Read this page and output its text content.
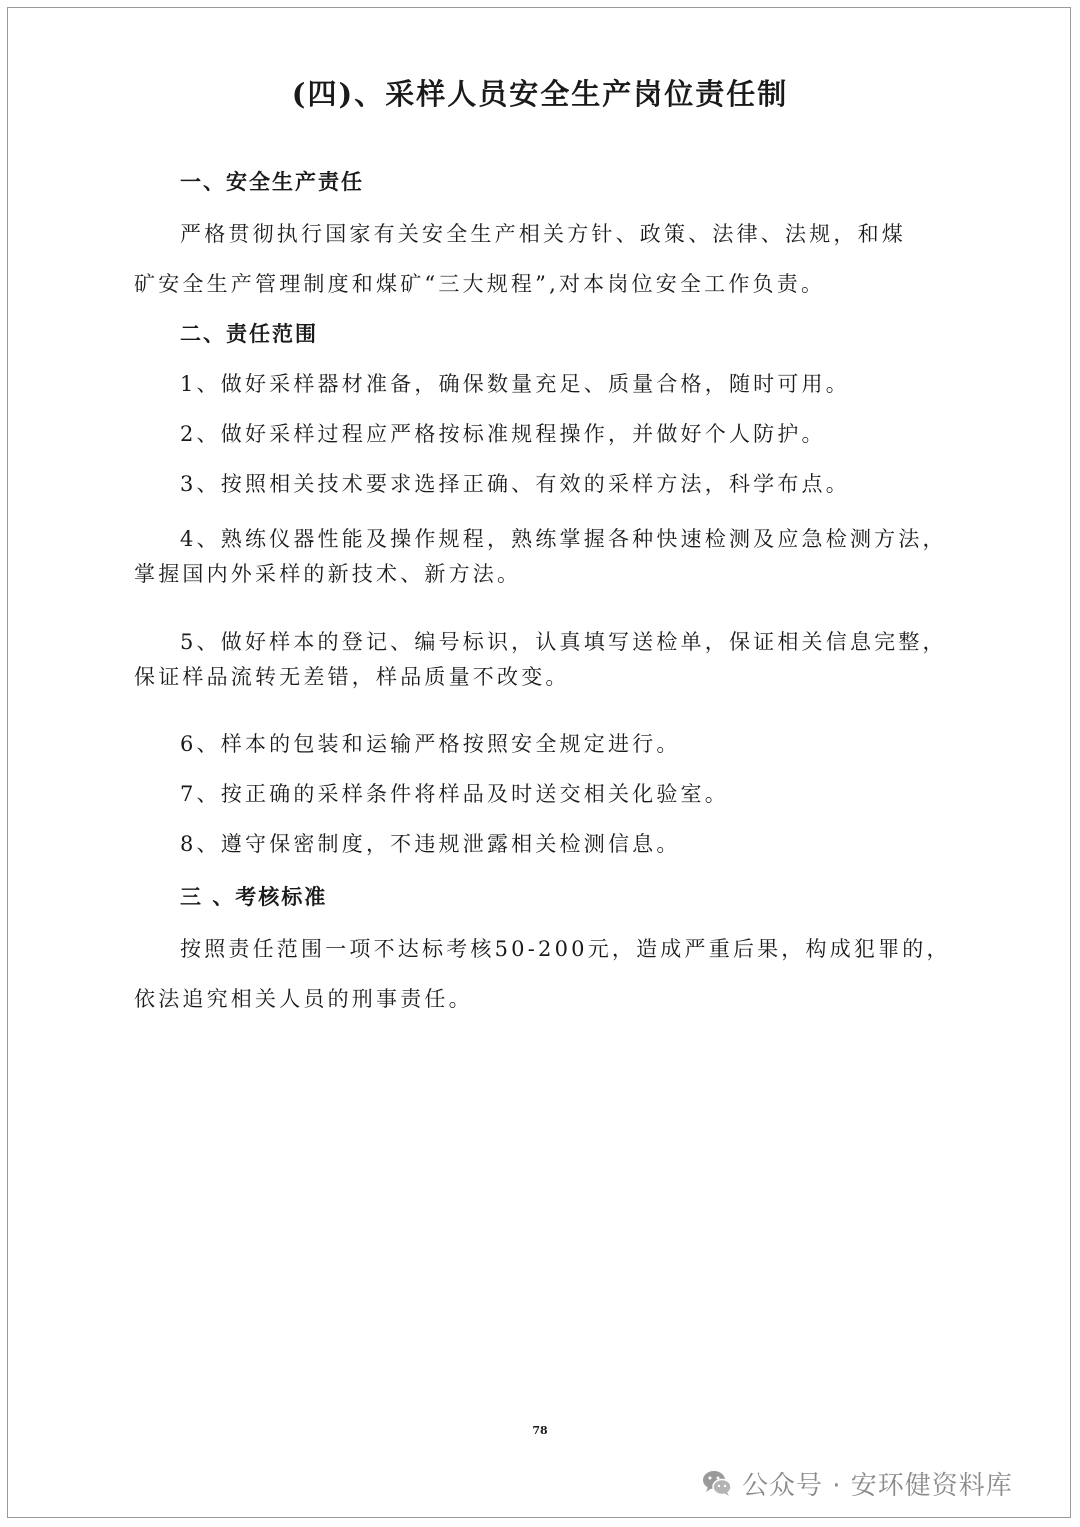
(四)、采样人员安全生产岗位责任制
一、安全生产责任
严格贯彻执行国家有关安全生产相关方针、政策、法律、法规，和煤
矿安全生产管理制度和煤矿“三大规程”,对本岗位安全工作负责。
二、责任范围
1、做好采样器材准备，确保数量充足、质量合格，随时可用。
2、做好采样过程应严格按标准规程操作，并做好个人防护。
3、按照相关技术要求选择正确、有效的采样方法，科学布点。
4、熟练仪器性能及操作规程，熟练掌握各种快速检测及应急检测方法，
掌握国内外采样的新技术、新方法。
5、做好样本的登记、编号标识，认真填写送检单，保证相关信息完整，
保证样品流转无差错，样品质量不改变。
6、样本的包装和运输严格按照安全规定进行。
7、按正确的采样条件将样品及时送交相关化验室。
8、遵守保密制度，不违规泄露相关检测信息。
三 、考核标准
按照责任范围一项不达标考核50-200元，造成严重后果，构成犯罪的，
依法追究相关人员的刑事责任。
78
公众号 · 安环健资料库
